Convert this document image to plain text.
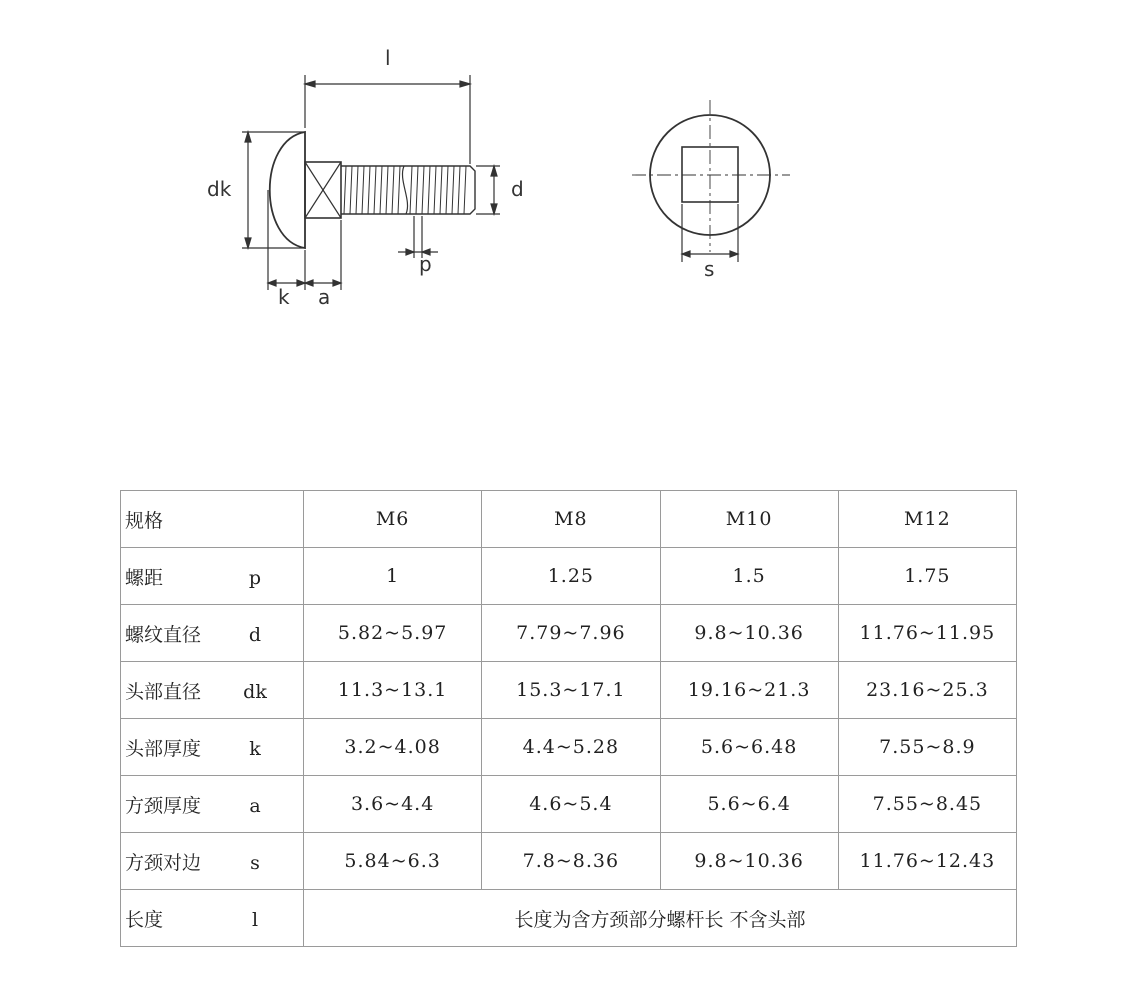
l
dk	d
k a
p	s
规格	M6	M8	M10	M12
螺距 p	1	1.25	1.5	1.75
螺纹直径 d	5.82~5.97	7.79~7.96	9.8~10.36	11.76~11.95
头部直径 dk	11.3~13.1	15.3~17.1	19.16~21.3	23.16~25.3
头部厚度 k	3.2~4.08	4.4~5.28	5.6~6.48	7.55~8.9
方颈厚度 a	3.6~4.4	4.6~5.4	5.6~6.4	7.55~8.45
方颈对边 s	5.84~6.3	7.8~8.36	9.8~10.36	11.76~12.43
长度 l	长度为含方颈部分螺杆长 不含头部			
